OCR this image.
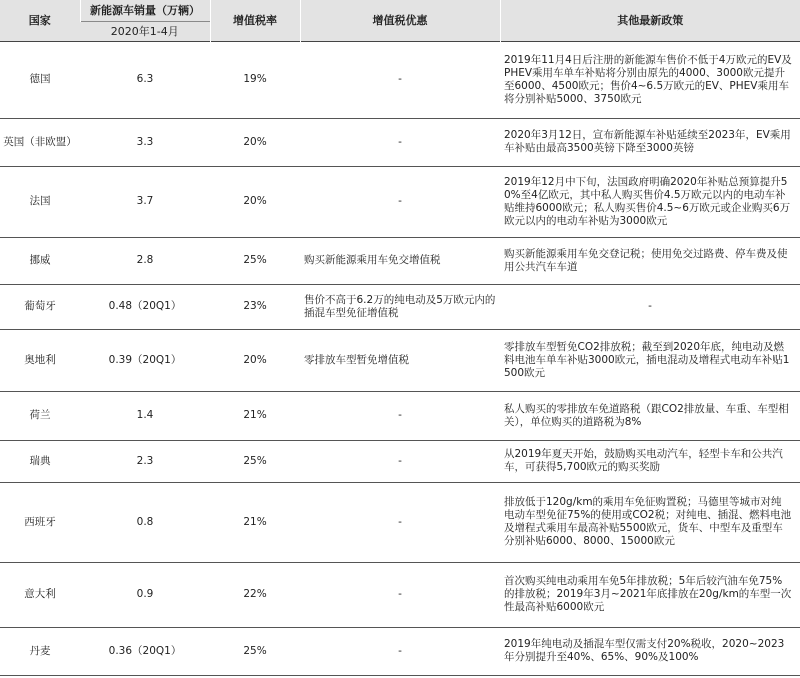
国家	新能源车销量（万辆）	增值税率	增值税优惠	其他最新政策
	2020年1-4月			
德国	6.3	19%	-	2019年11月4日后注册的新能源车售价不低于4万欧元的EV及PHEV乘用车单车补贴将分别由原先的4000、3000欧元提升至6000、4500欧元；售价4~6.5万欧元的EV、PHEV乘用车将分别补贴5000、3750欧元
英国（非欧盟）	3.3	20%	-	2020年3月12日，宣布新能源车补贴延续至2023年，EV乘用车补贴由最高3500英镑下降至3000英镑
法国	3.7	20%	-	2019年12月中下旬，法国政府明确2020年补贴总预算提升50%至4亿欧元，其中私人购买售价4.5万欧元以内的电动车补贴维持6000欧元；私人购买售价4.5~6万欧元或企业购买6万欧元以内的电动车补贴为3000欧元
挪威	2.8	25%	购买新能源乘用车免交增值税	购买新能源乘用车免交登记税；使用免交过路费、停车费及使用公共汽车车道
葡萄牙	0.48（20Q1）	23%	售价不高于6.2万的纯电动及5万欧元内的插混车型免征增值税	-
奥地利	0.39（20Q1）	20%	零排放车型暂免增值税	零排放车型暂免CO2排放税；截至到2020年底，纯电动及燃料电池车单车补贴3000欧元，插电混动及增程式电动车补贴1500欧元
荷兰	1.4	21%	-	私人购买的零排放车免道路税（跟CO2排放量、车重、车型相关），单位购买的道路税为8%
瑞典	2.3	25%	-	从2019年夏天开始，鼓励购买电动汽车，轻型卡车和公共汽车，可获得5,700欧元的购买奖励
西班牙	0.8	21%	-	排放低于120g/km的乘用车免征购置税；马德里等城市对纯电动车型免征75%的使用或CO2税；对纯电、插混、燃料电池及增程式乘用车最高补贴5500欧元，货车、中型车及重型车分别补贴6000、8000、15000欧元
意大利	0.9	22%	-	首次购买纯电动乘用车免5年排放税；5年后较汽油车免75%的排放税；2019年3月~2021年底排放在20g/km的车型一次性最高补贴6000欧元
丹麦	0.36（20Q1）	25%	-	2019年纯电动及插混车型仅需支付20%税收，2020~2023年分别提升至40%、65%、90%及100%
